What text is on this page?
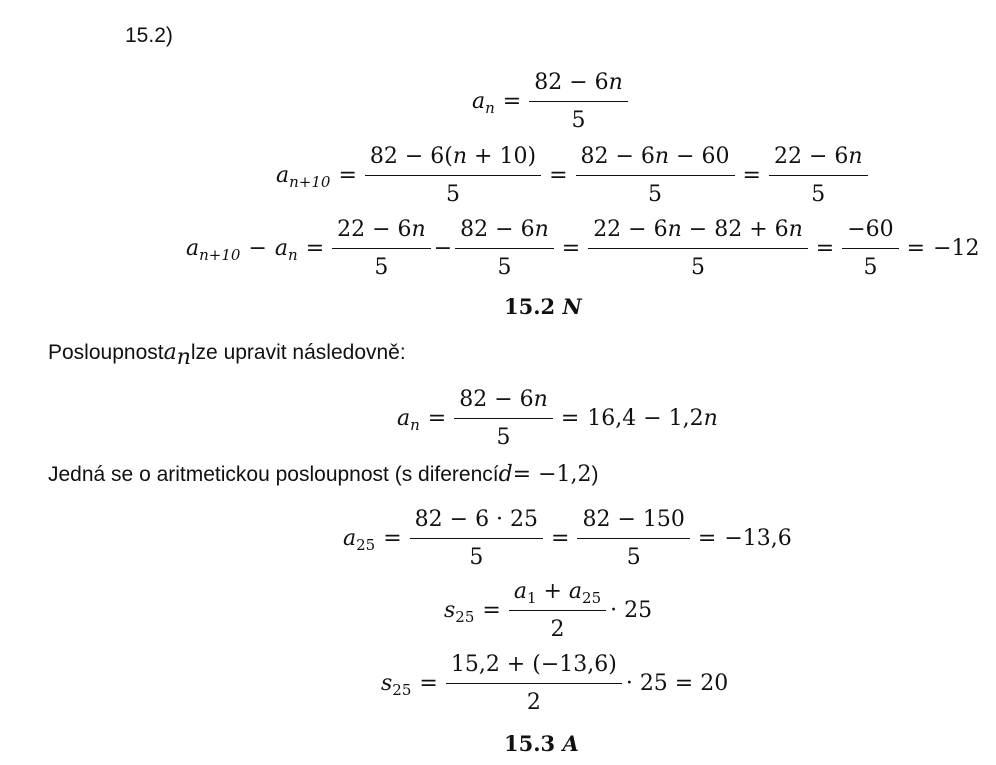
15.2)
a $n = \frac{82 - 6n}{5}$
a $n+10 = \frac{82 - 6(n + 10)}{5} = \frac{82 - 6n - 60}{5} = \frac{22 - 6n}{5}$
a n+10 − a $n = \frac{22 - 6n}{5} - \frac{82 - 6n}{5} = \frac{22 - 6n - 82 + 6n}{5} = \frac{-60}{5} = -12$
15.2 N
Posloupnost a n lze upravit následovně:
a $n = \frac{82 - 6n}{5} = 16,4 - 1,2$ n
Jedná se o aritmetickou posloupnost (s diferencí d = −1,2 )
a $25 = \frac{82 - 6 \cdot 25}{5} = \frac{82 - 150}{5} = -13,6$
s $25 = \frac{a_1 + a_{25}}{2} \cdot 25$
s $25 = \frac{15,2 + (-13,6)}{2} \cdot 25 = 20$
15.3 A
